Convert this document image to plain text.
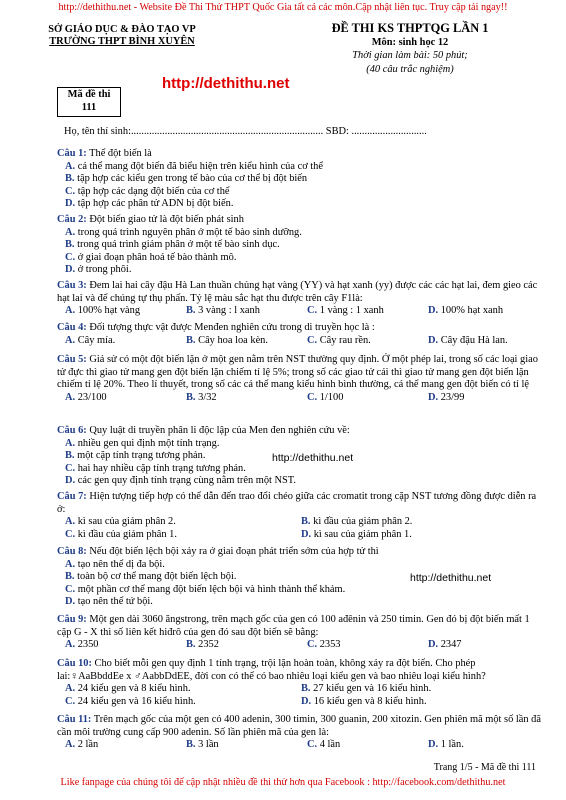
http://dethithu.net - Website Đề Thi Thử THPT Quốc Gia tất cả các môn.Cập nhật liên tục. Truy cập tải ngay!!
SỞ GIÁO DỤC & ĐÀO TẠO VP
TRƯỜNG THPT BÌNH XUYÊN
ĐỀ THI KS THPTQG LẦN 1
Môn: sinh học 12
Thời gian làm bài: 50 phút;
(40 câu trắc nghiệm)
http://dethithu.net
Mã đề thi
111
Họ, tên thí sinh:.......................................................................... SBD: .............................
Câu 1: Thể đột biến là
A. cá thể mang đột biến đã biểu hiện trên kiểu hình của cơ thể
B. tập hợp các kiểu gen trong tế bào của cơ thể bị đột biến
C. tập hợp các dạng đột biến của cơ thể
D. tập hợp các phân tử ADN bị đột biến.
Câu 2: Đột biến giao tử là đột biến phát sinh
A. trong quá trình nguyên phân ở một tế bào sinh dưỡng.
B. trong quá trình giảm phân ở một tế bào sinh dục.
C. ở giai đoạn phân hoá tế bào thành mô.
D. ở trong phôi.
Câu 3: Đem lai hai cây đậu Hà Lan thuần chủng hạt vàng (YY) và hạt xanh (yy) được các các hạt lai, đem gieo các hạt lai và để chúng tự thụ phấn. Tỷ lệ màu sắc hạt thu được trên cây F1là:
A. 100% hạt vàng	B. 3 vàng : l xanh	C. 1 vàng : 1 xanh	D. 100% hạt xanh
Câu 4: Đối tượng thực vật được Menđen nghiên cứu trong di truyền học là :
A. Cây mía.	B. Cây hoa loa kèn.	C. Cây rau rền.	D. Cây đậu Hà lan.
Câu 5: Giả sử có một đột biến lặn ở một gen nằm trên NST thường quy định. Ở một phép lai, trong số các loại giao tử đực thì giao tử mang gen đột biến lặn chiếm tỉ lệ 5%; trong số các giao tử cái thì giao tử mang gen đột biến lặn chiếm tỉ lệ 20%. Theo lí thuyết, trong số các cá thể mang kiểu hình bình thường, cá thể mang gen đột biến có tỉ lệ
A. 23/100	B. 3/32	C. 1/100	D. 23/99
Câu 6: Quy luật di truyền phân li độc lập của Men đen nghiên cứu về:
A. nhiều gen qui định một tính trạng.
B. một cặp tính trạng tương phản.
C. hai hay nhiều cặp tính trạng tương phản.
D. các gen quy định tính trạng cùng nằm trên một NST.
http://dethithu.net
Câu 7: Hiện tượng tiếp hợp có thể dẫn đến trao đổi chéo giữa các cromatit trong cặp NST tương đồng được diễn ra ở:
A. kì sau của giảm phân 2.	B. kì đầu của giảm phân 2.
C. kì đầu của giảm phân 1.	D. kì sau của giảm phân 1.
Câu 8: Nếu đột biến lệch bội xảy ra ở giai đoạn phát triển sớm của hợp tử thì
A. tạo nên thể dị đa bội.
B. toàn bộ cơ thể mang đột biến lệch bội.
C. một phần cơ thể mang đột biến lệch bội và hình thành thể khảm.
D. tạo nên thể tứ bội.
http://dethithu.net
Câu 9: Một gen dài 3060 ăngstrong, trên mạch gốc của gen có 100 ađênin và 250 timin. Gen đó bị đột biến mất 1 cặp G - X thì số liên kết hiđrô của gen đó sau đột biến sẽ bằng:
A. 2350	B. 2352	C. 2353	D. 2347
Câu 10: Cho biết mỗi gen quy định 1 tính trạng, trội lặn hoàn toàn, không xảy ra đột biến. Cho phép lai:♀AaBbddEe x ♂AabbDdEE, đời con có thể có bao nhiêu loại kiểu gen và bao nhiêu loại kiểu hình?
A. 24 kiểu gen và 8 kiểu hình.	B. 27 kiểu gen và 16 kiểu hình.
C. 24 kiểu gen và 16 kiểu hình.	D. 16 kiểu gen và 8 kiểu hình.
Câu 11: Trên mạch gốc của một gen có 400 adenin, 300 timin, 300 guanin, 200 xitozin. Gen phiên mã một số lần đã cần môi trường cung cấp 900 adenin. Số lần phiên mã của gen là:
A. 2 lần	B. 3 lần	C. 4 lần	D. 1 lần.
Trang 1/5 - Mã đề thi 111
Like fanpage của chúng tôi để cập nhật nhiều đề thi thử hơn qua Facebook : http://facebook.com/dethithu.net
